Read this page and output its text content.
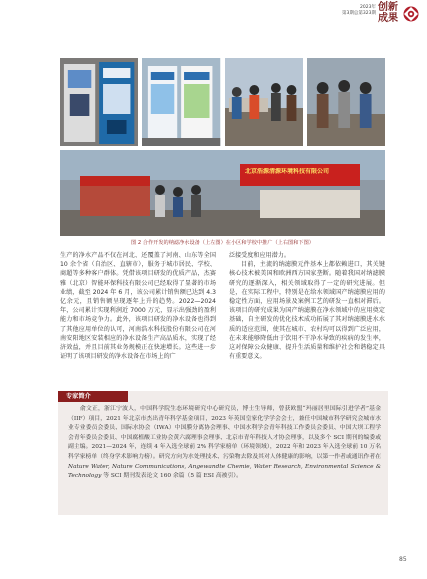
2023年
第3期总第323期
创新
成果
北京浩源清源环境科技有限公司
图 2 合作开发的纳滤净水设备（上左图）在小区和学校中推广（上右图和下图）

生产的净水产品不仅在河北、还覆盖了河南、山东等全国 10 余个省（自治区、直辖市），服务于城市居民、学校、商超等多种客户群体。凭借该项目研发的优质产品，杰赛雅（北京）智能环保科技有限公司已经取得了显著的市场业绩，截至 2024 年 6 月，该公司累计销售额已达到 4.3 亿余元，且销售额呈现逐年上升的趋势。2022—2024 年，公司累计实现利润近 7000 万元，显示出强劲的盈利能力和市场竞争力。此外，该项目研发的净水设备也得到了其他应用单位的认可，河南浩水科技股份有限公司在河南安阳地区安装相应的净水设备生产高品质水，实现了经济效益，并且目前其业务规模正在快速增长。这些进一步证明了该项目研发的净水设备在市场上的广

泛接受度和应用潜力。

目前，主流的纳滤膜元件基本上都依赖进口，其关键核心技术被美国和欧洲西方国家垄断。随着我国对纳滤膜研究的逐渐深入，相关领域取得了一定的研究进展。但是，在实际工程中，特别是在给水领域国产纳滤膜应用的稳定性方面，应用场景及案例工艺的研发一直相对滞后。该项目的研究成果为国产纳滤膜在净水领域中的应用奠定基础，自主研发的优化技术成功拓展了其对纳滤膜进水水质的适应范围，使其在城市、农村均可以得到广泛应用，在未来能够降低由于饮用不干净水导致的疾病的发生率，这对保障公众健康、提升生活质量和维护社会和谐稳定具有重要意义。

专家简介
俞文正，浙江宁波人，中国科学院生态环境研究中心研究员，博士生导师，曾获欧盟“玛丽居里国际引进学者”基金（IIF）项目，2021 年北京市杰出青年科学基金项目，2023 年英国皇家化学学会会士，兼任中国城市科学研究会城市水业专业委员会委员、国际水协会（IWA）中国膜分离协会理事、中国水利学会青年科技工作委员会委员、中国大坝工程学会青年委员会委员、中国腐植酸工业协会黄六腐理事会理事、北京市青年科技人才协会理事，以及多个 SCI 期刊的编委或副主编。2021—2024 年，连续 4 年入选全球前 2% 科学家榜单（环境领域），2022 年和 2023 年入选全球前 10 万名科学家榜单（终身学术影响力榜）。研究方向为水处理技术、污染物去除及其对人体健康的影响，以第一作者或通讯作者在 Nature Water, Nature Communications, Angewandte Chemie, Water Research, Environmental Science & Technology 等 SCI 期刊发表论文 160 余篇（5 篇 ESI 高被引）。
85
